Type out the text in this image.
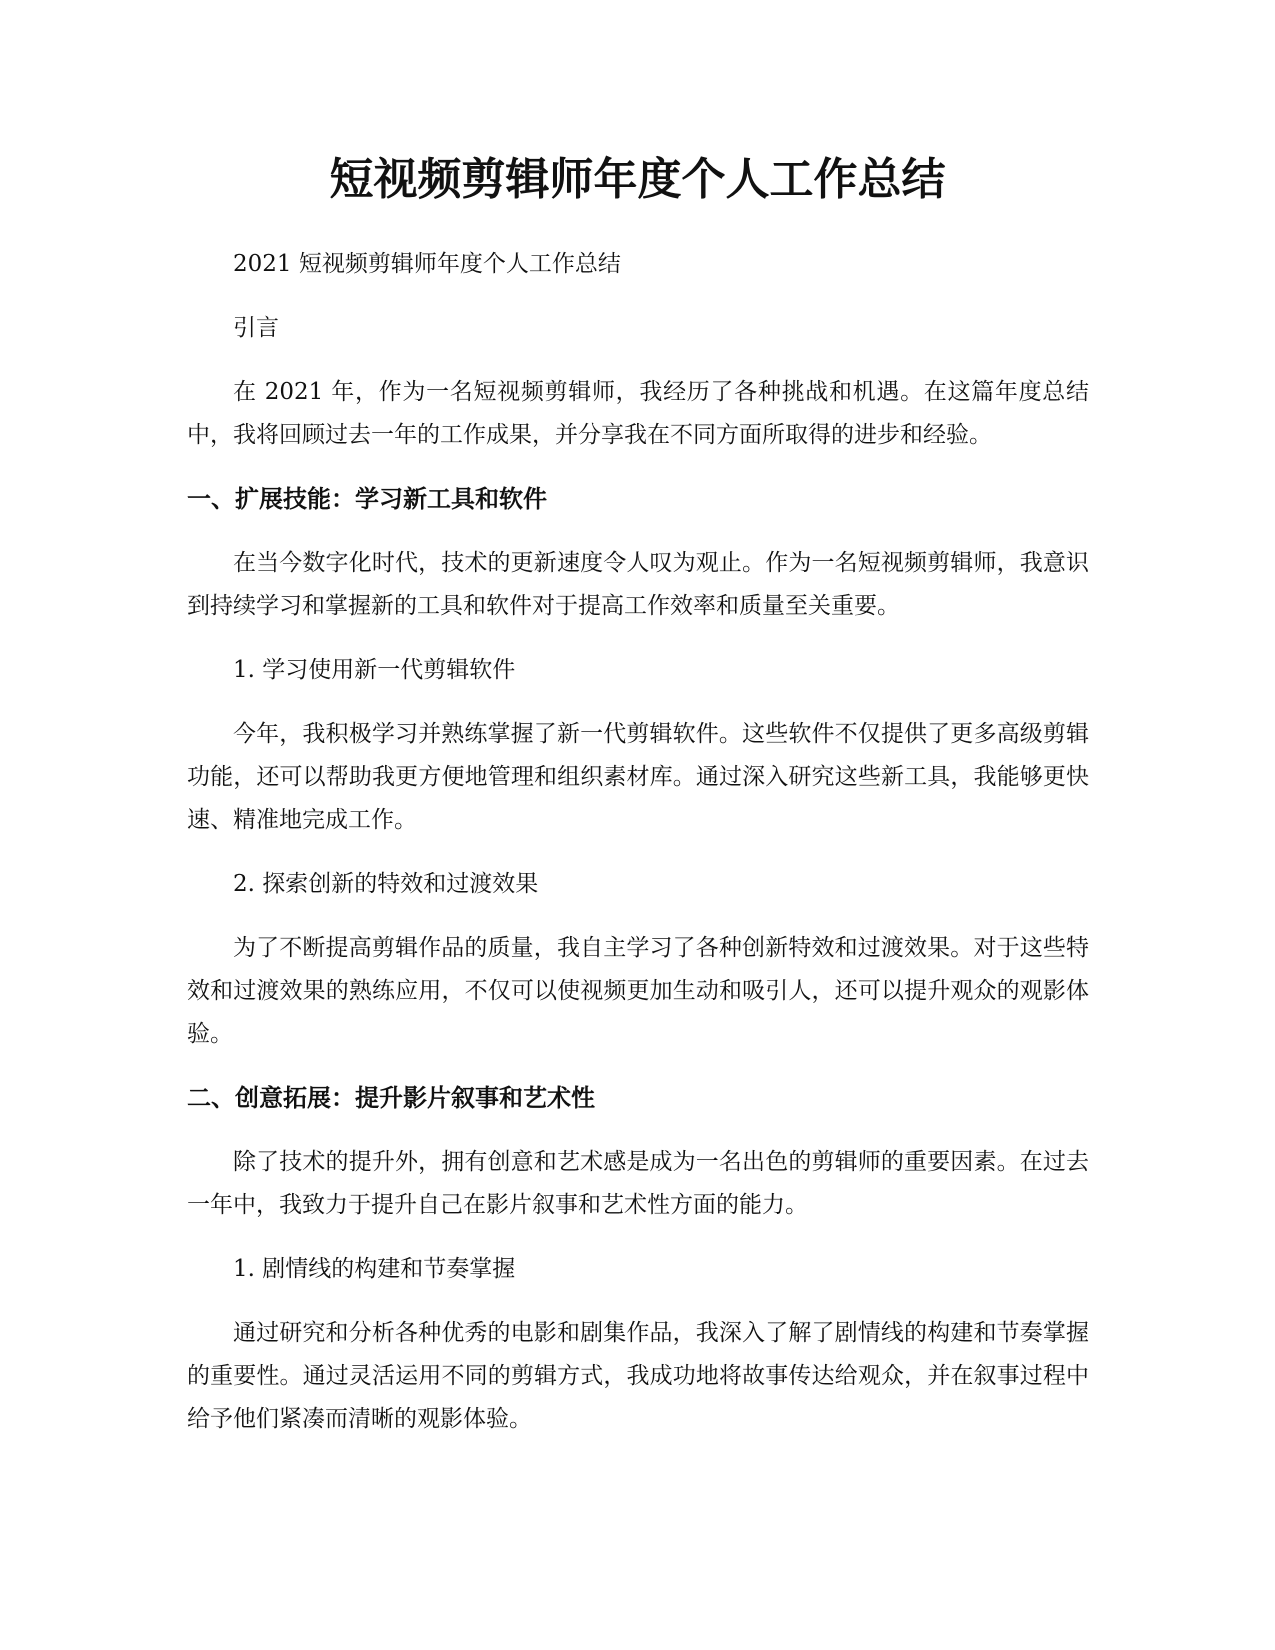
短视频剪辑师年度个人工作总结

2021 短视频剪辑师年度个人工作总结

引言

在 2021 年，作为一名短视频剪辑师，我经历了各种挑战和机遇。在这篇年度总结中，我将回顾过去一年的工作成果，并分享我在不同方面所取得的进步和经验。

一、扩展技能：学习新工具和软件

在当今数字化时代，技术的更新速度令人叹为观止。作为一名短视频剪辑师，我意识到持续学习和掌握新的工具和软件对于提高工作效率和质量至关重要。

1. 学习使用新一代剪辑软件

今年，我积极学习并熟练掌握了新一代剪辑软件。这些软件不仅提供了更多高级剪辑功能，还可以帮助我更方便地管理和组织素材库。通过深入研究这些新工具，我能够更快速、精准地完成工作。

2. 探索创新的特效和过渡效果

为了不断提高剪辑作品的质量，我自主学习了各种创新特效和过渡效果。对于这些特效和过渡效果的熟练应用，不仅可以使视频更加生动和吸引人，还可以提升观众的观影体验。

二、创意拓展：提升影片叙事和艺术性

除了技术的提升外，拥有创意和艺术感是成为一名出色的剪辑师的重要因素。在过去一年中，我致力于提升自己在影片叙事和艺术性方面的能力。

1. 剧情线的构建和节奏掌握

通过研究和分析各种优秀的电影和剧集作品，我深入了解了剧情线的构建和节奏掌握的重要性。通过灵活运用不同的剪辑方式，我成功地将故事传达给观众，并在叙事过程中给予他们紧凑而清晰的观影体验。
